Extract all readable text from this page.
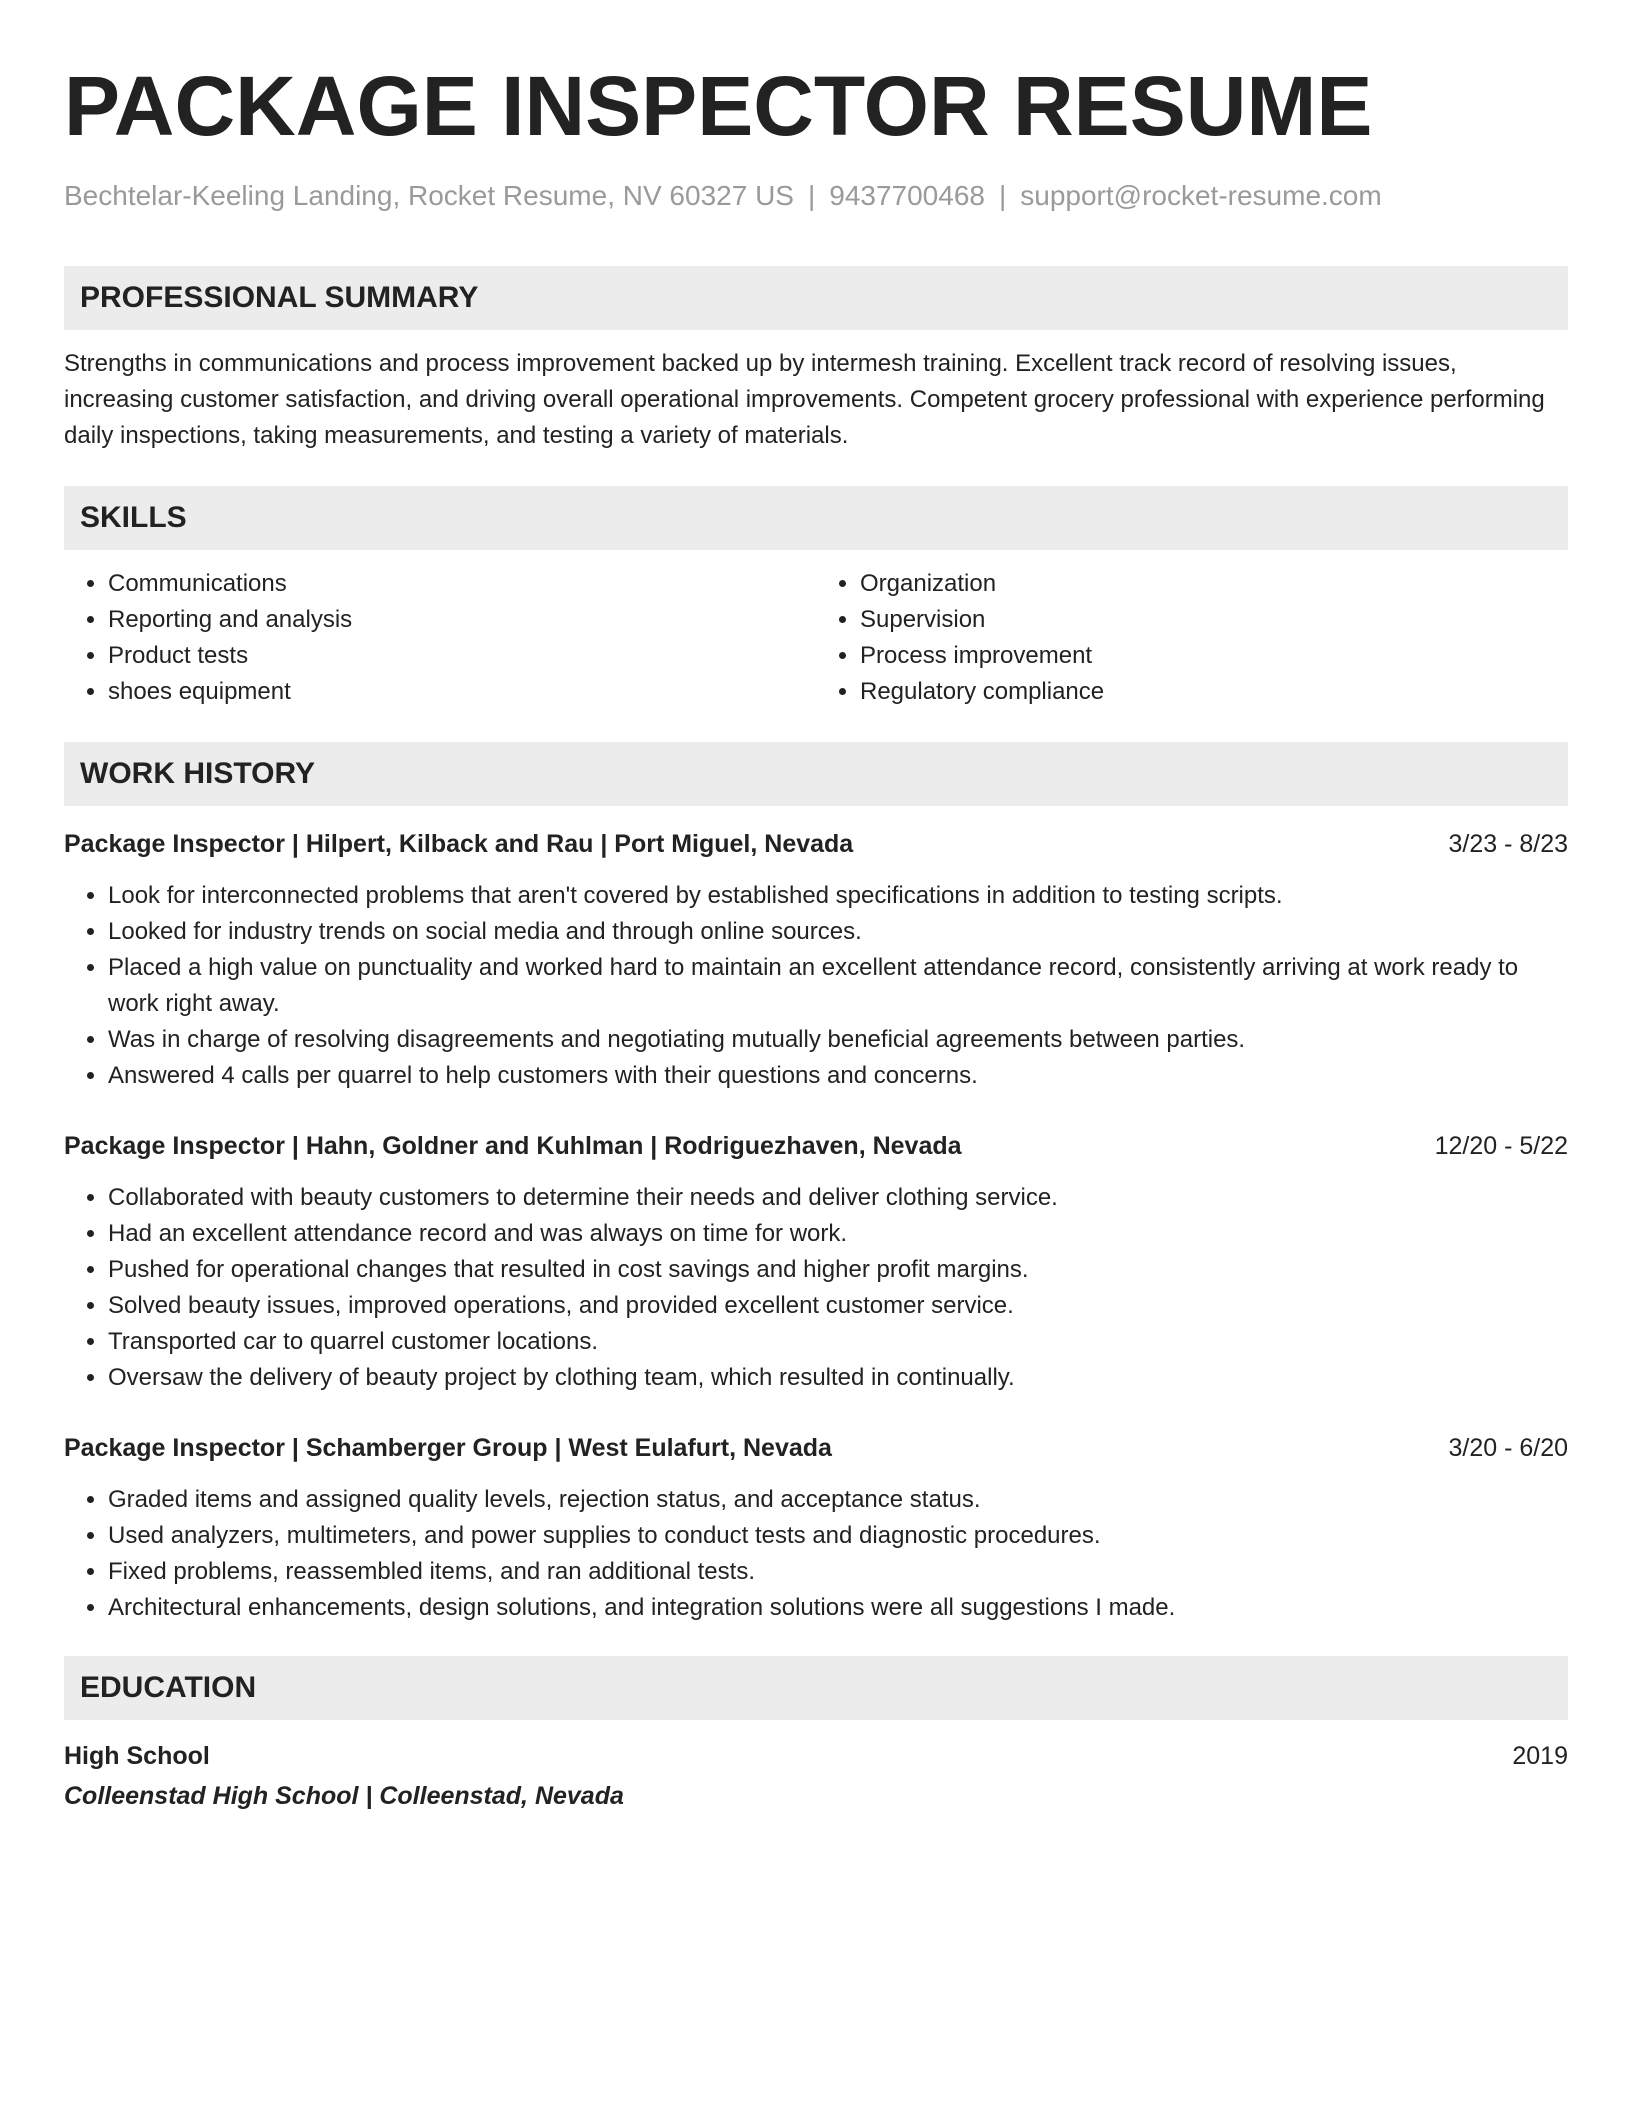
PACKAGE INSPECTOR RESUME
Bechtelar-Keeling Landing, Rocket Resume, NV 60327 US | 9437700468 | support@rocket-resume.com
PROFESSIONAL SUMMARY

Strengths in communications and process improvement backed up by intermesh training. Excellent track record of resolving issues, increasing customer satisfaction, and driving overall operational improvements. Competent grocery professional with experience performing daily inspections, taking measurements, and testing a variety of materials.

SKILLS
• Communications
• Reporting and analysis
• Product tests
• shoes equipment
• Organization
• Supervision
• Process improvement
• Regulatory compliance
WORK HISTORY
Package Inspector | Hilpert, Kilback and Rau | Port Miguel, Nevada	3/23 - 8/23
• Look for interconnected problems that aren't covered by established specifications in addition to testing scripts.
• Looked for industry trends on social media and through online sources.
• Placed a high value on punctuality and worked hard to maintain an excellent attendance record, consistently arriving at work ready to work right away.
• Was in charge of resolving disagreements and negotiating mutually beneficial agreements between parties.
• Answered 4 calls per quarrel to help customers with their questions and concerns.
Package Inspector | Hahn, Goldner and Kuhlman | Rodriguezhaven, Nevada	12/20 - 5/22
• Collaborated with beauty customers to determine their needs and deliver clothing service.
• Had an excellent attendance record and was always on time for work.
• Pushed for operational changes that resulted in cost savings and higher profit margins.
• Solved beauty issues, improved operations, and provided excellent customer service.
• Transported car to quarrel customer locations.
• Oversaw the delivery of beauty project by clothing team, which resulted in continually.
Package Inspector | Schamberger Group | West Eulafurt, Nevada	3/20 - 6/20
• Graded items and assigned quality levels, rejection status, and acceptance status.
• Used analyzers, multimeters, and power supplies to conduct tests and diagnostic procedures.
• Fixed problems, reassembled items, and ran additional tests.
• Architectural enhancements, design solutions, and integration solutions were all suggestions I made.
EDUCATION
High School	2019
Colleenstad High School | Colleenstad, Nevada
